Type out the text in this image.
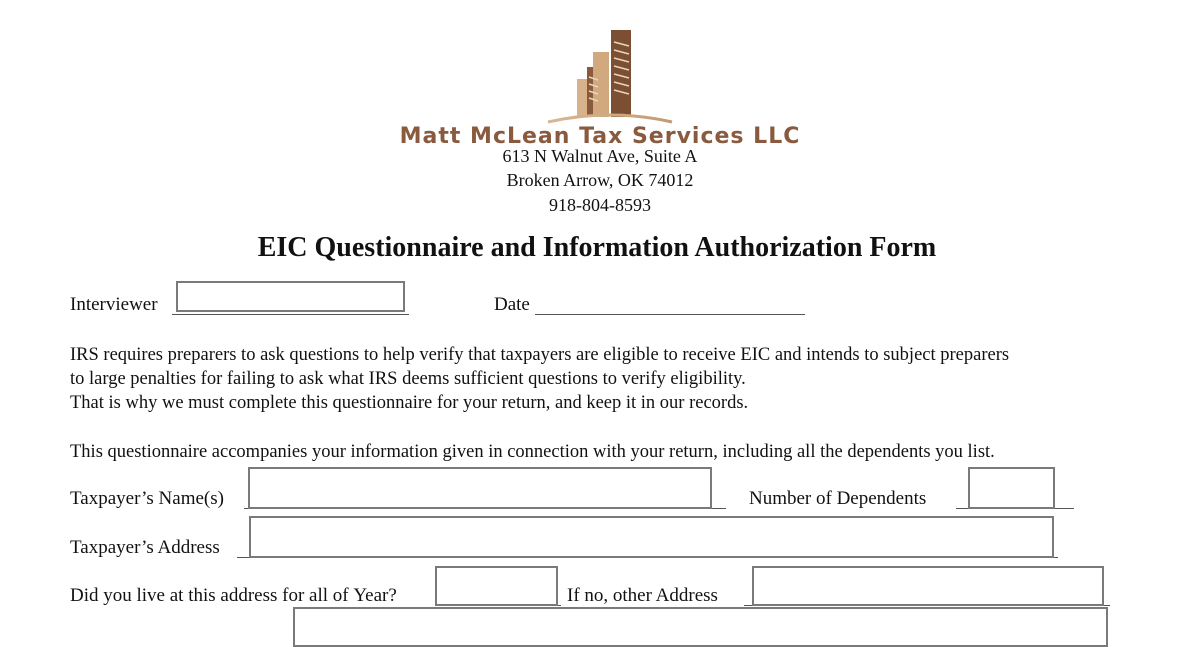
Matt McLean Tax Services LLC
613 N Walnut Ave, Suite A
Broken Arrow, OK 74012
918-804-8593
EIC Questionnaire and Information Authorization Form
Interviewer	Date
IRS requires preparers to ask questions to help verify that taxpayers are eligible to receive EIC and intends to subject preparers
to large penalties for failing to ask what IRS deems sufficient questions to verify eligibility.
That is why we must complete this questionnaire for your return, and keep it in our records.
This questionnaire accompanies your information given in connection with your return, including all the dependents you list.
Taxpayer’s Name(s)	Number of Dependents
Taxpayer’s Address
Did you live at this address for all of Year?	If no, other Address
